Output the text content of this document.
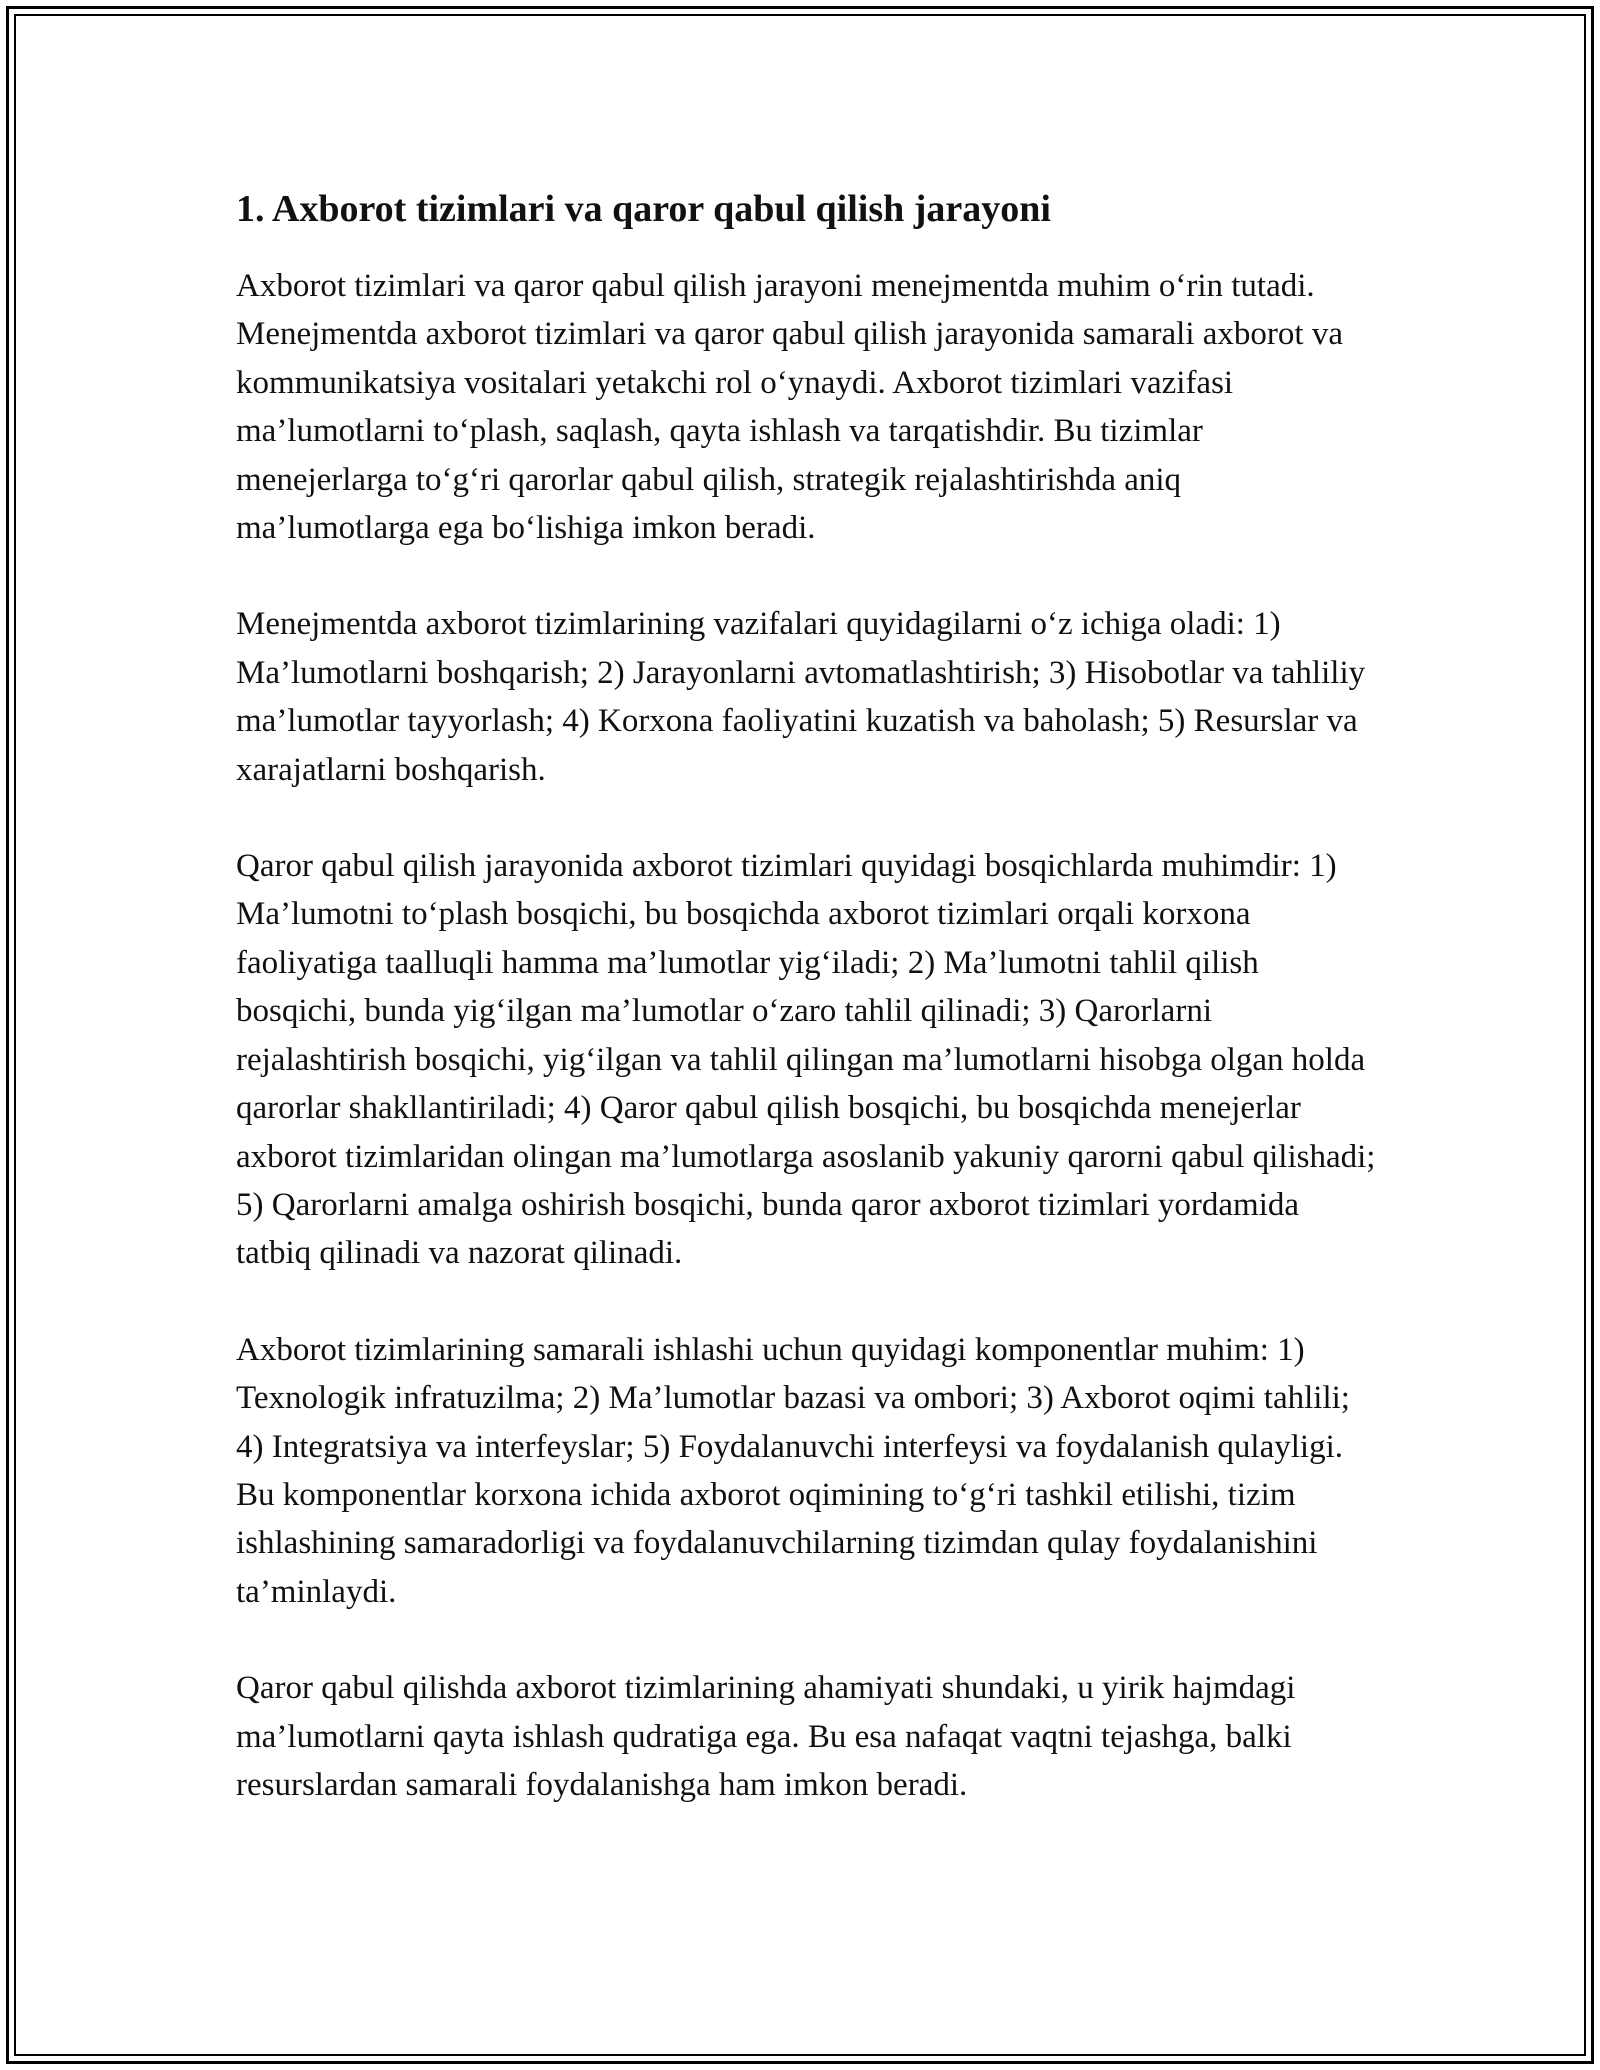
1. Axborot tizimlari va qaror qabul qilish jarayoni

Axborot tizimlari va qaror qabul qilish jarayoni menejmentda muhim o‘rin tutadi. Menejmentda axborot tizimlari va qaror qabul qilish jarayonida samarali axborot va kommunikatsiya vositalari yetakchi rol o‘ynaydi. Axborot tizimlari vazifasi ma’lumotlarni to‘plash, saqlash, qayta ishlash va tarqatishdir. Bu tizimlar menejerlarga to‘g‘ri qarorlar qabul qilish, strategik rejalashtirishda aniq ma’lumotlarga ega bo‘lishiga imkon beradi.

Menejmentda axborot tizimlarining vazifalari quyidagilarni o‘z ichiga oladi: 1) Ma’lumotlarni boshqarish; 2) Jarayonlarni avtomatlashtirish; 3) Hisobotlar va tahliliy ma’lumotlar tayyorlash; 4) Korxona faoliyatini kuzatish va baholash; 5) Resurslar va xarajatlarni boshqarish.

Qaror qabul qilish jarayonida axborot tizimlari quyidagi bosqichlarda muhimdir: 1) Ma’lumotni to‘plash bosqichi, bu bosqichda axborot tizimlari orqali korxona faoliyatiga taalluqli hamma ma’lumotlar yig‘iladi; 2) Ma’lumotni tahlil qilish bosqichi, bunda yig‘ilgan ma’lumotlar o‘zaro tahlil qilinadi; 3) Qarorlarni rejalashtirish bosqichi, yig‘ilgan va tahlil qilingan ma’lumotlarni hisobga olgan holda qarorlar shakllantiriladi; 4) Qaror qabul qilish bosqichi, bu bosqichda menejerlar axborot tizimlaridan olingan ma’lumotlarga asoslanib yakuniy qarorni qabul qilishadi; 5) Qarorlarni amalga oshirish bosqichi, bunda qaror axborot tizimlari yordamida tatbiq qilinadi va nazorat qilinadi.

Axborot tizimlarining samarali ishlashi uchun quyidagi komponentlar muhim: 1) Texnologik infratuzilma; 2) Ma’lumotlar bazasi va ombori; 3) Axborot oqimi tahlili; 4) Integratsiya va interfeyslar; 5) Foydalanuvchi interfeysi va foydalanish qulayligi. Bu komponentlar korxona ichida axborot oqimining to‘g‘ri tashkil etilishi, tizim ishlashining samaradorligi va foydalanuvchilarning tizimdan qulay foydalanishini ta’minlaydi.

Qaror qabul qilishda axborot tizimlarining ahamiyati shundaki, u yirik hajmdagi ma’lumotlarni qayta ishlash qudratiga ega. Bu esa nafaqat vaqtni tejashga, balki resurslardan samarali foydalanishga ham imkon beradi.
